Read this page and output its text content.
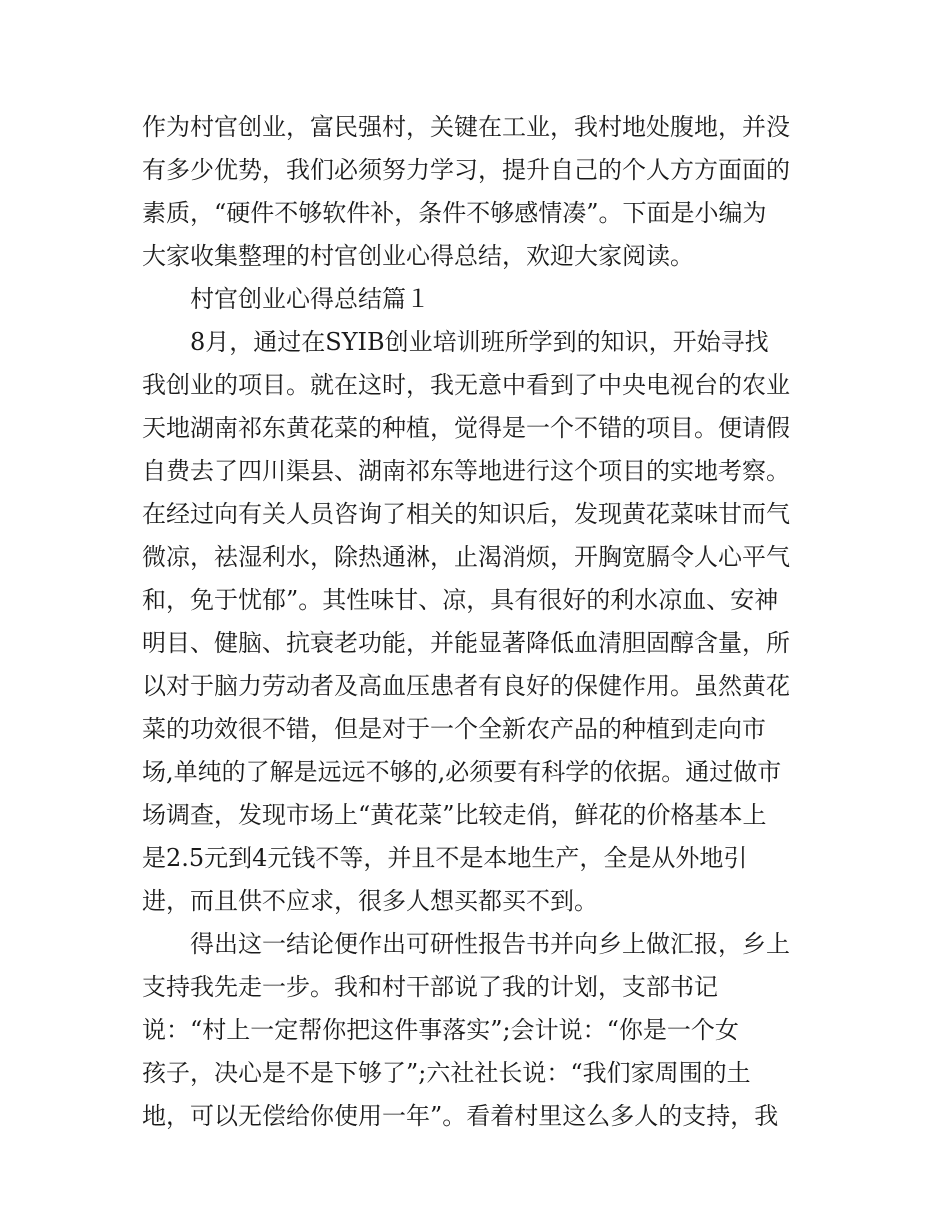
作为村官创业，富民强村，关键在工业，我村地处腹地，并没
有多少优势，我们必须努力学习，提升自己的个人方方面面的
素质，“硬件不够软件补，条件不够感情凑”。下面是小编为
大家收集整理的村官创业心得总结，欢迎大家阅读。
村官创业心得总结篇１
8月，通过在SYIB创业培训班所学到的知识，开始寻找
我创业的项目。就在这时，我无意中看到了中央电视台的农业
天地湖南祁东黄花菜的种植，觉得是一个不错的项目。便请假
自费去了四川渠县、湖南祁东等地进行这个项目的实地考察。
在经过向有关人员咨询了相关的知识后，发现黄花菜味甘而气
微凉，祛湿利水，除热通淋，止渴消烦，开胸宽膈令人心平气
和，免于忧郁”。其性味甘、凉，具有很好的利水凉血、安神
明目、健脑、抗衰老功能，并能显著降低血清胆固醇含量，所
以对于脑力劳动者及高血压患者有良好的保健作用。虽然黄花
菜的功效很不错，但是对于一个全新农产品的种植到走向市
场,单纯的了解是远远不够的,必须要有科学的依据。通过做市
场调查，发现市场上“黄花菜”比较走俏，鲜花的价格基本上
是2.5元到4元钱不等，并且不是本地生产，全是从外地引
进，而且供不应求，很多人想买都买不到。
得出这一结论便作出可研性报告书并向乡上做汇报，乡上
支持我先走一步。我和村干部说了我的计划，支部书记
说：“村上一定帮你把这件事落实”;会计说：“你是一个女
孩子，决心是不是下够了”;六社社长说：“我们家周围的土
地，可以无偿给你使用一年”。看着村里这么多人的支持，我
